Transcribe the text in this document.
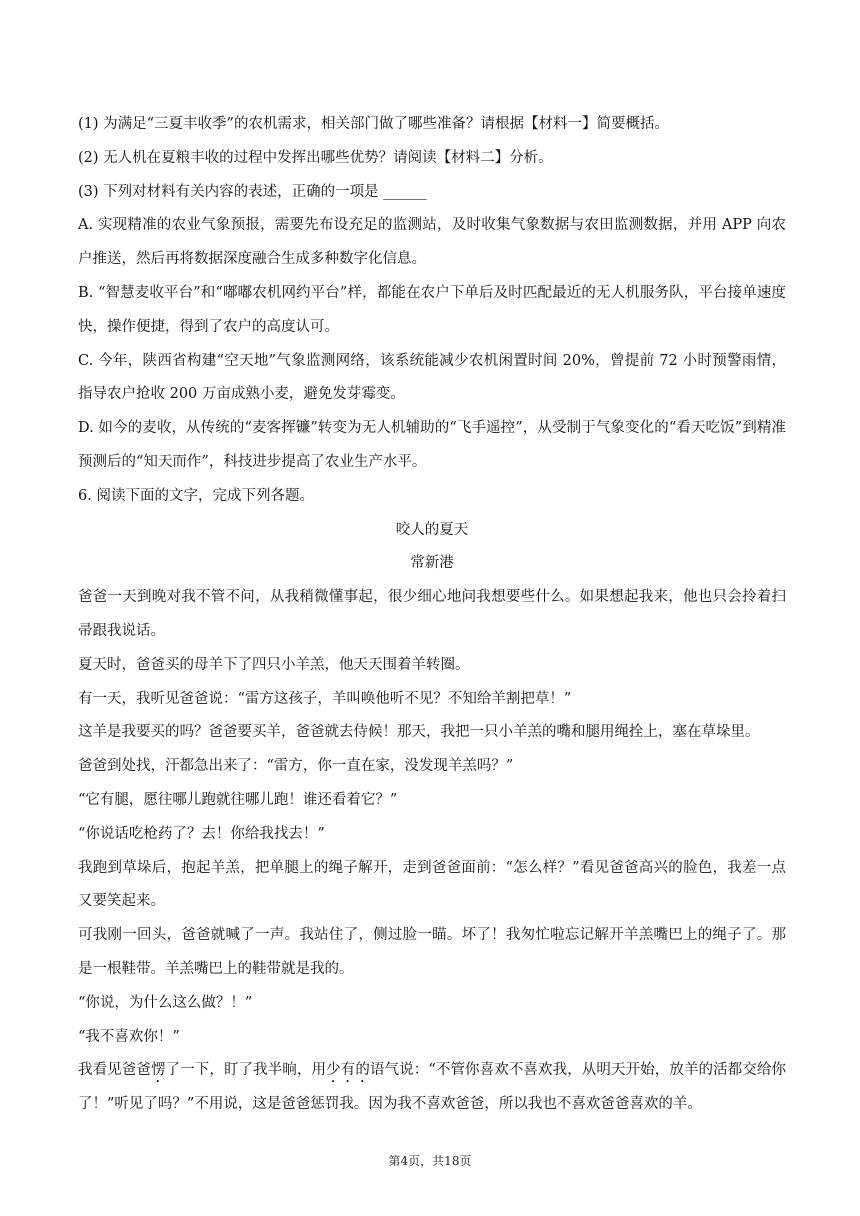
(1) 为满足“三夏丰收季”的农机需求，相关部门做了哪些准备？请根据【材料一】简要概括。

(2) 无人机在夏粮丰收的过程中发挥出哪些优势？请阅读【材料二】分析。

(3) 下列对材料有关内容的表述，正确的一项是 ______

A. 实现精准的农业气象预报，需要先布设充足的监测站，及时收集气象数据与农田监测数据，并用 APP 向农户推送，然后再将数据深度融合生成多种数字化信息。

B. “智慧麦收平台”和“嘟嘟农机网约平台”样，都能在农户下单后及时匹配最近的无人机服务队，平台接单速度快，操作便捷，得到了农户的高度认可。

C. 今年，陕西省构建“空天地”气象监测网络，该系统能减少农机闲置时间 20%，曾提前 72 小时预警雨情，指导农户抢收 200 万亩成熟小麦，避免发芽霉变。

D. 如今的麦收，从传统的“麦客挥镰”转变为无人机辅助的“飞手遥控”，从受制于气象变化的“看天吃饭”到精准预测后的“知天而作”，科技进步提高了农业生产水平。

6. 阅读下面的文字，完成下列各题。

咬人的夏天

常新港

爸爸一天到晚对我不管不问，从我稍微懂事起，很少细心地问我想要些什么。如果想起我来，他也只会拎着扫帚跟我说话。

夏天时，爸爸买的母羊下了四只小羊羔，他天天围着羊转圈。

有一天，我听见爸爸说：“雷方这孩子，羊叫唤他听不见？不知给羊割把草！”

这羊是我要买的吗？爸爸要买羊，爸爸就去侍候！那天，我把一只小羊羔的嘴和腿用绳拴上，塞在草垛里。

爸爸到处找，汗都急出来了：“雷方，你一直在家，没发现羊羔吗？”

“它有腿，愿往哪儿跑就往哪儿跑！谁还看着它？”

“你说话吃枪药了？去！你给我找去！”

我跑到草垛后，抱起羊羔，把单腿上的绳子解开，走到爸爸面前：“怎么样？”看见爸爸高兴的脸色，我差一点又要笑起来。

可我刚一回头，爸爸就喊了一声。我站住了，侧过脸一瞄。坏了！我匆忙啦忘记解开羊羔嘴巴上的绳子了。那是一根鞋带。羊羔嘴巴上的鞋带就是我的。

“你说，为什么这么做？！”

“我不喜欢你！”

我看见爸爸愣了一下，盯了我半晌，用少有的语气说：“不管你喜欢不喜欢我，从明天开始，放羊的活都交给你了！”听见了吗？”不用说，这是爸爸惩罚我。因为我不喜欢爸爸，所以我也不喜欢爸爸喜欢的羊。

第4页，共18页
